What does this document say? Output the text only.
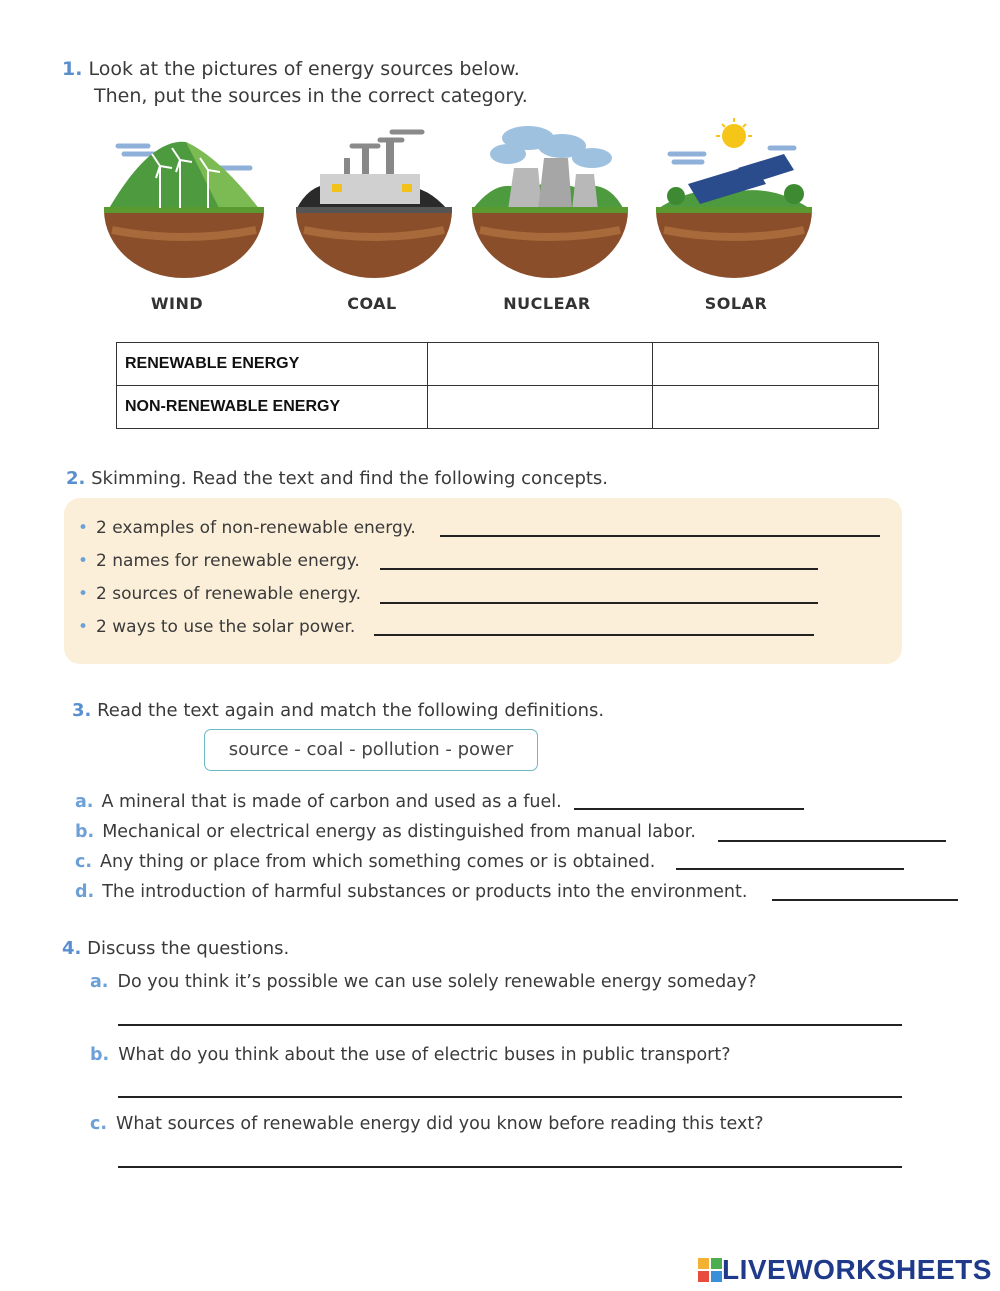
1. Look at the pictures of energy sources below.
Then, put the sources in the correct category.
WIND	COAL	NUCLEAR	SOLAR
RENEWABLE ENERGY		
NON-RENEWABLE ENERGY		
2. Skimming. Read the text and find the following concepts.
• 2 examples of non-renewable energy.
• 2 names for renewable energy.
• 2 sources of renewable energy.
• 2 ways to use the solar power.
3. Read the text again and match the following definitions.
source - coal - pollution - power
a. A mineral that is made of carbon and used as a fuel.
b. Mechanical or electrical energy as distinguished from manual labor.
c. Any thing or place from which something comes or is obtained.
d. The introduction of harmful substances or products into the environment.
4. Discuss the questions.
a. Do you think it’s possible we can use solely renewable energy someday?
b. What do you think about the use of electric buses in public transport?
c. What sources of renewable energy did you know before reading this text?
LIVEWORKSHEETS
